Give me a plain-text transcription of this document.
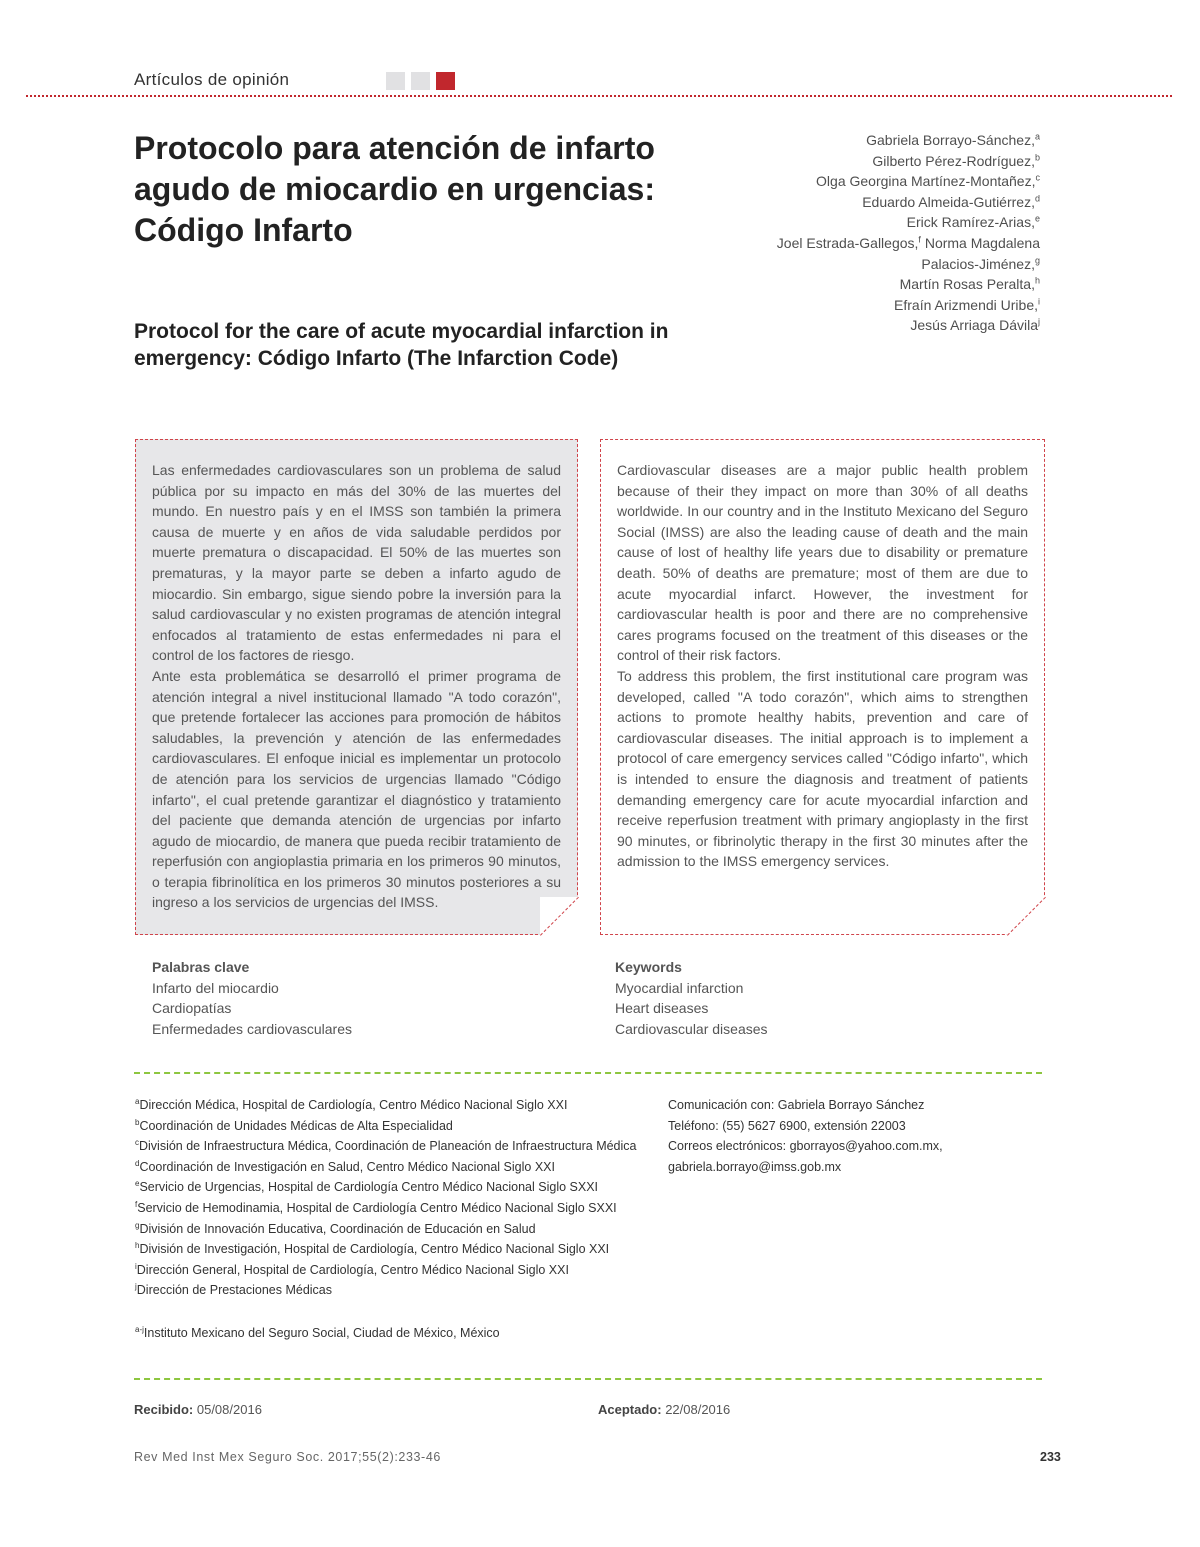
Artículos de opinión
Protocolo para atención de infarto agudo de miocardio en urgencias: Código Infarto
Protocol for the care of acute myocardial infarction in emergency: Código Infarto (The Infarction Code)
Gabriela Borrayo-Sánchez,$^a$
Gilberto Pérez-Rodríguez,$^b$
Olga Georgina Martínez-Montañez,$^c$
Eduardo Almeida-Gutiérrez,$^d$
Erick Ramírez-Arias,$^e$
Joel Estrada-Gallegos,$^f$ Norma Magdalena
Palacios-Jiménez,$^g$
Martín Rosas Peralta,$^h$
Efraín Arizmendi Uribe,$^i$
Jesús Arriaga Dávila$^j$

Las enfermedades cardiovasculares son un problema de salud pública por su impacto en más del 30% de las muertes del mundo. En nuestro país y en el IMSS son también la primera causa de muerte y en años de vida saludable perdidos por muerte prematura o discapacidad. El 50% de las muertes son prematuras, y la mayor parte se deben a infarto agudo de miocardio. Sin embargo, sigue siendo pobre la inversión para la salud cardiovascular y no existen programas de atención integral enfocados al tratamiento de estas enfermedades ni para el control de los factores de riesgo.

Ante esta problemática se desarrolló el primer programa de atención integral a nivel institucional llamado "A todo corazón", que pretende fortalecer las acciones para promoción de hábitos saludables, la prevención y atención de las enfermedades cardiovasculares. El enfoque inicial es implementar un protocolo de atención para los servicios de urgencias llamado "Código infarto", el cual pretende garantizar el diagnóstico y tratamiento del paciente que demanda atención de urgencias por infarto agudo de miocardio, de manera que pueda recibir tratamiento de reperfusión con angioplastia primaria en los primeros 90 minutos, o terapia fibrinolítica en los primeros 30 minutos posteriores a su ingreso a los servicios de urgencias del IMSS.

Cardiovascular diseases are a major public health problem because of their they impact on more than 30% of all deaths worldwide. In our country and in the Instituto Mexicano del Seguro Social (IMSS) are also the leading cause of death and the main cause of lost of healthy life years due to disability or premature death. 50% of deaths are premature; most of them are due to acute myocardial infarct. However, the investment for cardiovascular health is poor and there are no comprehensive cares programs focused on the treatment of this diseases or the control of their risk factors.

To address this problem, the first institutional care program was developed, called "A todo corazón", which aims to strengthen actions to promote healthy habits, prevention and care of cardiovascular diseases. The initial approach is to implement a protocol of care emergency services called "Código infarto", which is intended to ensure the diagnosis and treatment of patients demanding emergency care for acute myocardial infarction and receive reperfusion treatment with primary angioplasty in the first 90 minutes, or fibrinolytic therapy in the first 30 minutes after the admission to the IMSS emergency services.

Palabras clave
Infarto del miocardio
Cardiopatías
Enfermedades cardiovasculares
Keywords
Myocardial infarction
Heart diseases
Cardiovascular diseases
$^a$Dirección Médica, Hospital de Cardiología, Centro Médico Nacional Siglo XXI
$^b$Coordinación de Unidades Médicas de Alta Especialidad
$^c$División de Infraestructura Médica, Coordinación de Planeación de Infraestructura Médica
$^d$Coordinación de Investigación en Salud, Centro Médico Nacional Siglo XXI
$^e$Servicio de Urgencias, Hospital de Cardiología Centro Médico Nacional Siglo SXXI
$^f$Servicio de Hemodinamia, Hospital de Cardiología Centro Médico Nacional Siglo SXXI
$^g$División de Innovación Educativa, Coordinación de Educación en Salud
$^h$División de Investigación, Hospital de Cardiología, Centro Médico Nacional Siglo XXI
$^i$Dirección General, Hospital de Cardiología, Centro Médico Nacional Siglo XXI
$^j$Dirección de Prestaciones Médicas
$^{a-j}$Instituto Mexicano del Seguro Social, Ciudad de México, México
Comunicación con: Gabriela Borrayo Sánchez
Teléfono: (55) 5627 6900, extensión 22003
Correos electrónicos: gborrayos@yahoo.com.mx,
gabriela.borrayo@imss.gob.mx
Recibido: 05/08/2016	Aceptado: 22/08/2016
Rev Med Inst Mex Seguro Soc. 2017;55(2):233-46	233
